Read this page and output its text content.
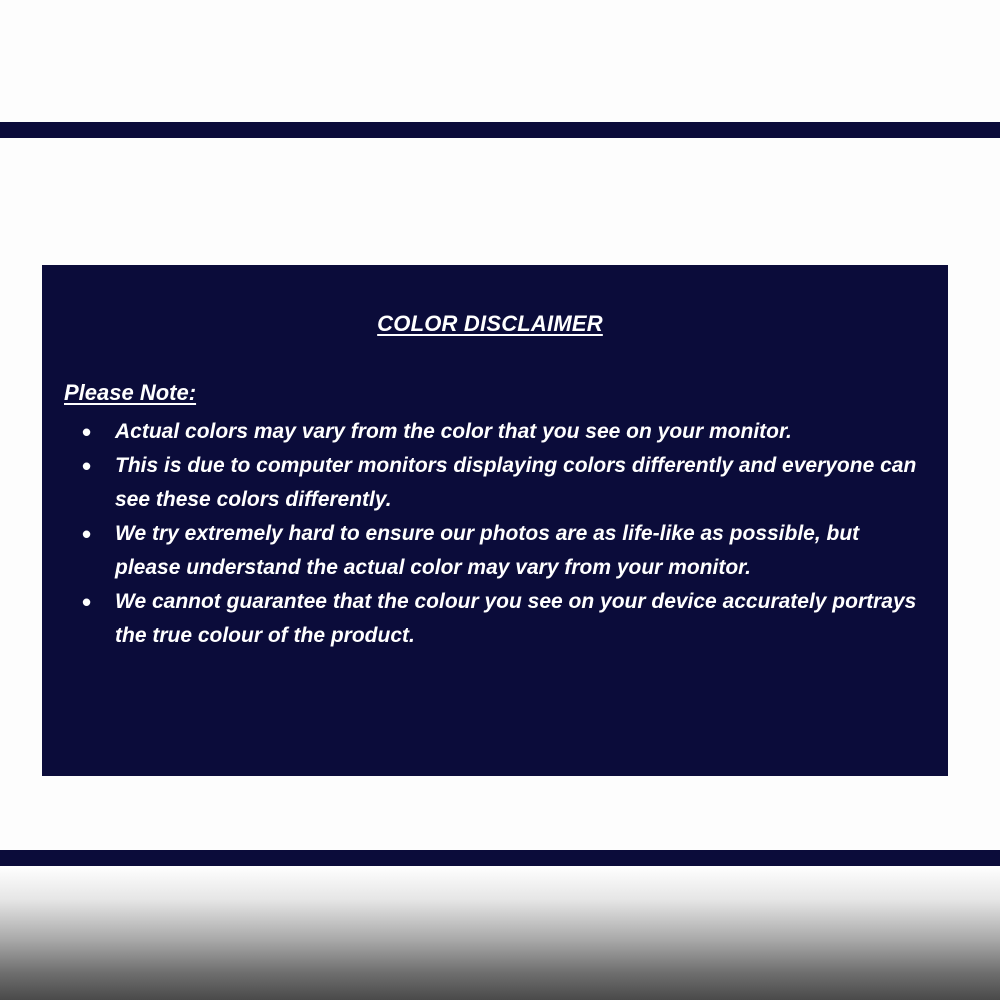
COLOR DISCLAIMER
Please Note:
• Actual colors may vary from the color that you see on your monitor.
• This is due to computer monitors displaying colors differently and everyone can see these colors differently.
• We try extremely hard to ensure our photos are as life-like as possible, but please understand the actual color may vary from your monitor.
• We cannot guarantee that the colour you see on your device accurately portrays the true colour of the product.
